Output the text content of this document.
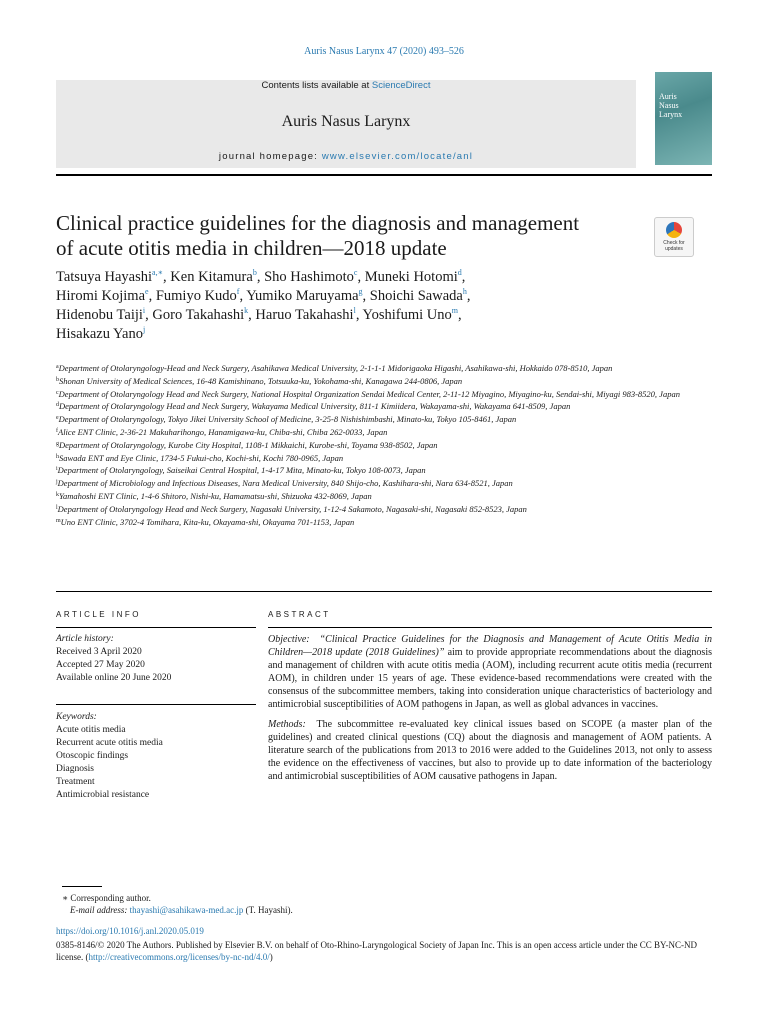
Auris Nasus Larynx 47 (2020) 493–526
Contents lists available at ScienceDirect
Auris Nasus Larynx
journal homepage: www.elsevier.com/locate/anl
Auris
Nasus
Larynx
Clinical practice guidelines for the diagnosis and management
of acute otitis media in children—2018 update	Check for updates
Tatsuya Hayashi$^{a,∗}$, Ken Kitamura$^b$, Sho Hashimoto$^c$, Muneki Hotomi$^d$,
Hiromi Kojima$^e$, Fumiyo Kudo$^f$, Yumiko Maruyama$^g$, Shoichi Sawada$^h$,
Hidenobu Taiji$^i$, Goro Takahashi$^k$, Haruo Takahashi$^l$, Yoshifumi Uno$^m$,
Hisakazu Yano$^j$
$^a$Department of Otolaryngology-Head and Neck Surgery, Asahikawa Medical University, 2-1-1-1 Midorigaoka Higashi, Asahikawa-shi, Hokkaido 078-8510, Japan
$^b$Shonan University of Medical Sciences, 16-48 Kamishinano, Totsuuka-ku, Yokohama-shi, Kanagawa 244-0806, Japan
$^c$Department of Otolaryngology Head and Neck Surgery, National Hospital Organization Sendai Medical Center, 2-11-12 Miyagino, Miyagino-ku, Sendai-shi, Miyagi 983-8520, Japan
$^d$Department of Otolaryngology Head and Neck Surgery, Wakayama Medical University, 811-1 Kimiidera, Wakayama-shi, Wakayama 641-8509, Japan
$^e$Department of Otolaryngology, Tokyo Jikei University School of Medicine, 3-25-8 Nishishimbashi, Minato-ku, Tokyo 105-8461, Japan
$^f$Alice ENT Clinic, 2-36-21 Makuharihongo, Hanamigawa-ku, Chiba-shi, Chiba 262-0033, Japan
$^g$Department of Otolaryngology, Kurobe City Hospital, 1108-1 Mikkaichi, Kurobe-shi, Toyama 938-8502, Japan
$^h$Sawada ENT and Eye Clinic, 1734-5 Fukui-cho, Kochi-shi, Kochi 780-0965, Japan
$^i$Department of Otolaryngology, Saiseikai Central Hospital, 1-4-17 Mita, Minato-ku, Tokyo 108-0073, Japan
$^j$Department of Microbiology and Infectious Diseases, Nara Medical University, 840 Shijo-cho, Kashihara-shi, Nara 634-8521, Japan
$^k$Yamahoshi ENT Clinic, 1-4-6 Shitoro, Nishi-ku, Hamamatsu-shi, Shizuoka 432-8069, Japan
$^l$Department of Otolaryngology Head and Neck Surgery, Nagasaki University, 1-12-4 Sakamoto, Nagasaki-shi, Nagasaki 852-8523, Japan
$^m$Uno ENT Clinic, 3702-4 Tomihara, Kita-ku, Okayama-shi, Okayama 701-1153, Japan
ARTICLE INFO
Article history:
Received 3 April 2020
Accepted 27 May 2020
Available online 20 June 2020
Keywords:
Acute otitis media
Recurrent acute otitis media
Otoscopic findings
Diagnosis
Treatment
Antimicrobial resistance
ABSTRACT

Objective: “Clinical Practice Guidelines for the Diagnosis and Management of Acute Otitis Media in Children—2018 update (2018 Guidelines)” aim to provide appropriate recommendations about the diagnosis and management of children with acute otitis media (AOM), including recurrent acute otitis media (recurrent AOM), in children under 15 years of age. These evidence-based recommendations were created with the consensus of the subcommittee members, taking into consideration unique characteristics of bacteriology and antimicrobial susceptibilities of AOM pathogens in Japan, as well as global advances in vaccines.

Methods: The subcommittee re-evaluated key clinical issues based on SCOPE (a master plan of the guidelines) and created clinical questions (CQ) about the diagnosis and management of AOM patients. A literature search of the publications from 2013 to 2016 were added to the Guidelines 2013, not only to assess the evidence on the effectiveness of vaccines, but also to provide up to date information of the bacteriology and antimicrobial susceptibilities of AOM causative pathogens in Japan.

∗ Corresponding author.
E-mail address: thayashi@asahikawa-med.ac.jp (T. Hayashi).
https://doi.org/10.1016/j.anl.2020.05.019
0385-8146/© 2020 The Authors. Published by Elsevier B.V. on behalf of Oto-Rhino-Laryngological Society of Japan Inc. This is an open access article under the CC BY-NC-ND license. (http://creativecommons.org/licenses/by-nc-nd/4.0/)
